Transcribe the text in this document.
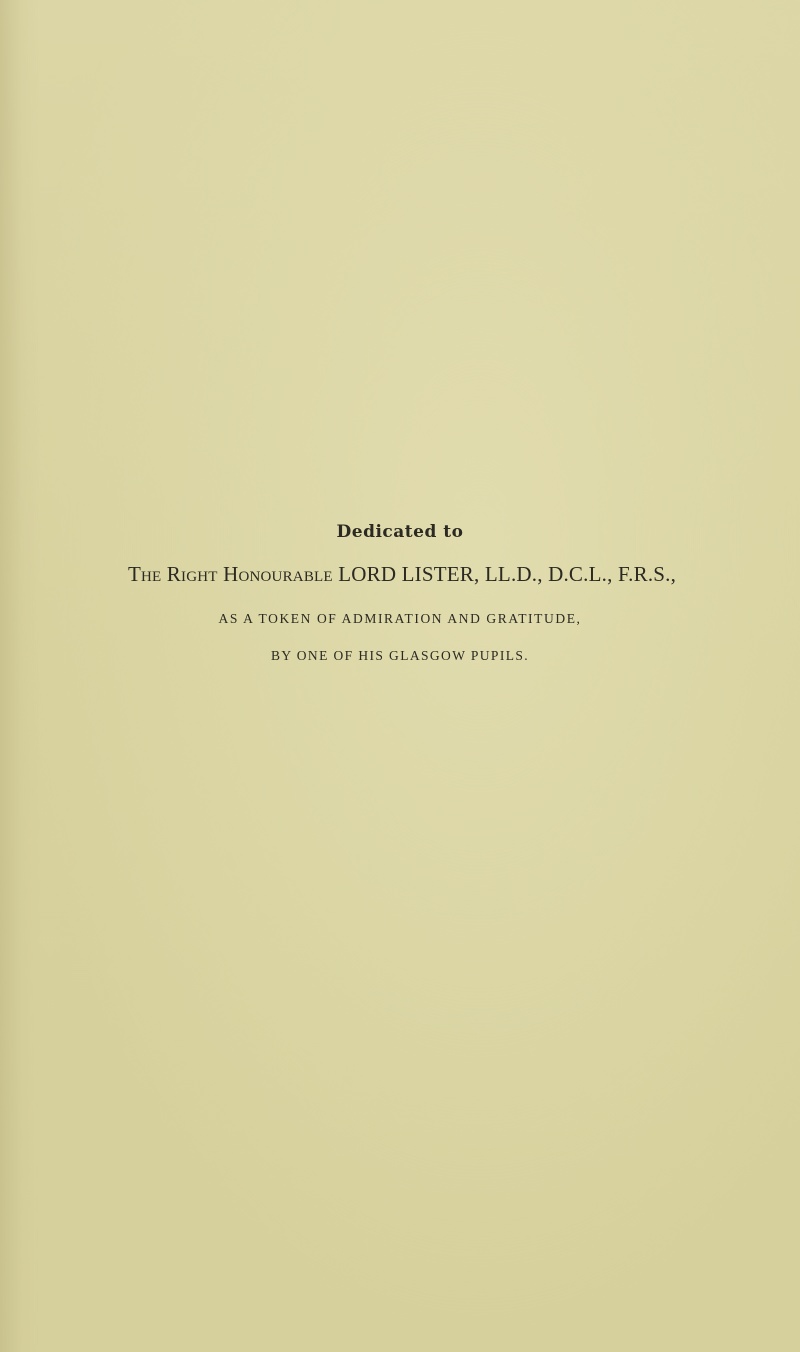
Dedicated to
The Right Honourable LORD LISTER, LL.D., D.C.L., F.R.S.,
AS A TOKEN OF ADMIRATION AND GRATITUDE,
BY ONE OF HIS GLASGOW PUPILS.
